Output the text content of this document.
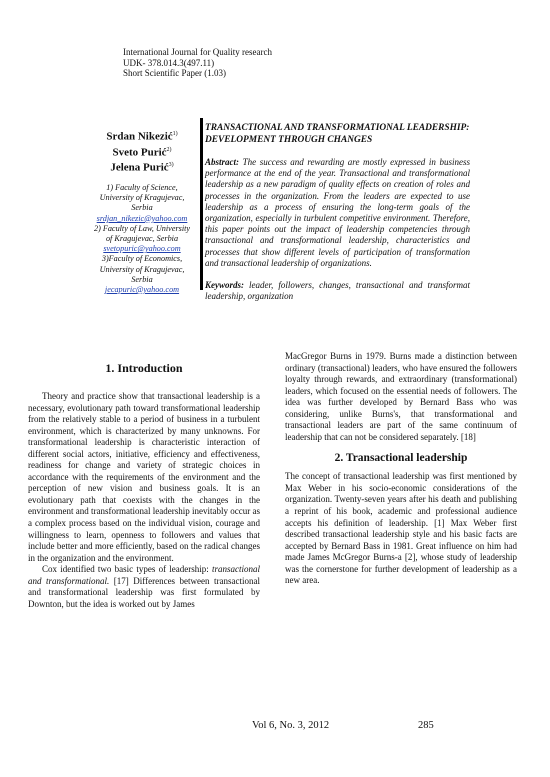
International Journal for Quality research
UDK- 378.014.3(497.11)
Short Scientific Paper (1.03)
Srdan Nikezić$^{1)}$
Sveto Purić$^{2)}$
Jelena Purić$^{3)}$
1) Faculty of Science,
University of Kragujevac,
Serbia
srdjan_nikezic@yahoo.com
2) Faculty of Law, University
of Kragujevac, Serbia
svetopuric@yahoo.com
3)Faculty of Economics,
University of Kragujevac,
Serbia
jecapuric@yahoo.com
TRANSACTIONAL AND TRANSFORMATIONAL LEADERSHIP: DEVELOPMENT THROUGH CHANGES
Abstract: The success and rewarding are mostly expressed in business performance at the end of the year. Transactional and transformational leadership as a new paradigm of quality effects on creation of roles and processes in the organization. From the leaders are expected to use leadership as a process of ensuring the long-term goals of the organization, especially in turbulent competitive environment. Therefore, this paper points out the impact of leadership competencies through transactional and transformational leadership, characteristics and processes that show different levels of participation of transformation and transactional leadership of organizations.
Keywords: leader, followers, changes, transactional and transformat leadership, organization
1. Introduction

Theory and practice show that transactional leadership is a necessary, evolutionary path toward transformational leadership from the relatively stable to a period of business in a turbulent environment, which is characterized by many unknowns. For transformational leadership is characteristic interaction of different social actors, initiative, efficiency and effectiveness, readiness for change and variety of strategic choices in accordance with the requirements of the environment and the perception of new vision and business goals. It is an evolutionary path that coexists with the changes in the environment and transformational leadership inevitably occur as a complex process based on the individual vision, courage and willingness to learn, openness to followers and values that include better and more efficiently, based on the radical changes in the organization and the environment.

Cox identified two basic types of leadership: transactional and transformational. [17] Differences between transactional and transformational leadership was first formulated by Downton, but the idea is worked out by James

MacGregor Burns in 1979. Burns made a distinction between ordinary (transactional) leaders, who have ensured the followers loyalty through rewards, and extraordinary (transformational) leaders, which focused on the essential needs of followers. The idea was further developed by Bernard Bass who was considering, unlike Burns's, that transformational and transactional leaders are part of the same continuum of leadership that can not be considered separately. [18]

2. Transactional leadership

The concept of transactional leadership was first mentioned by Max Weber in his socio-economic considerations of the organization. Twenty-seven years after his death and publishing a reprint of his book, academic and professional audience accepts his definition of leadership. [1] Max Weber first described transactional leadership style and his basic facts are accepted by Bernard Bass in 1981. Great influence on him had made James McGregor Burns-a [2], whose study of leadership was the cornerstone for further development of leadership as a new area.

Vol 6, No. 3, 2012	285
